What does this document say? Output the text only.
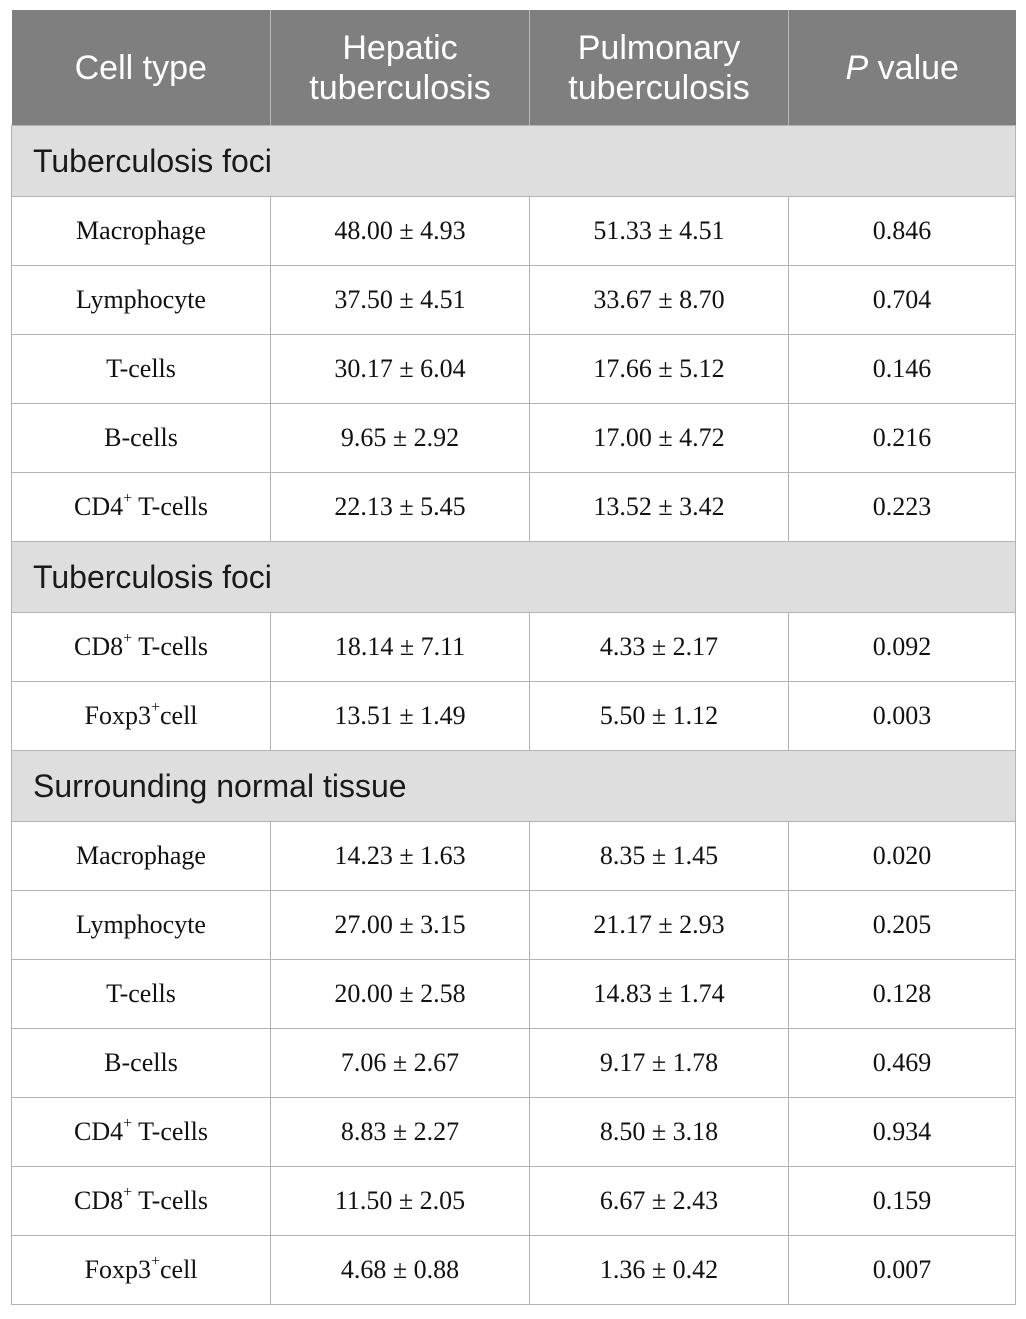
Cell type	Hepatic tuberculosis	Pulmonary tuberculosis	P value
Tuberculosis foci			
Macrophage	48.00 ± 4.93	51.33 ± 4.51	0.846
Lymphocyte	37.50 ± 4.51	33.67 ± 8.70	0.704
T-cells	30.17 ± 6.04	17.66 ± 5.12	0.146
B-cells	9.65 ± 2.92	17.00 ± 4.72	0.216
CD4+ T-cells	22.13 ± 5.45	13.52 ± 3.42	0.223
Tuberculosis foci			
CD8+ T-cells	18.14 ± 7.11	4.33 ± 2.17	0.092
Foxp3+cell	13.51 ± 1.49	5.50 ± 1.12	0.003
Surrounding normal tissue			
Macrophage	14.23 ± 1.63	8.35 ± 1.45	0.020
Lymphocyte	27.00 ± 3.15	21.17 ± 2.93	0.205
T-cells	20.00 ± 2.58	14.83 ± 1.74	0.128
B-cells	7.06 ± 2.67	9.17 ± 1.78	0.469
CD4+ T-cells	8.83 ± 2.27	8.50 ± 3.18	0.934
CD8+ T-cells	11.50 ± 2.05	6.67 ± 2.43	0.159
Foxp3+cell	4.68 ± 0.88	1.36 ± 0.42	0.007
